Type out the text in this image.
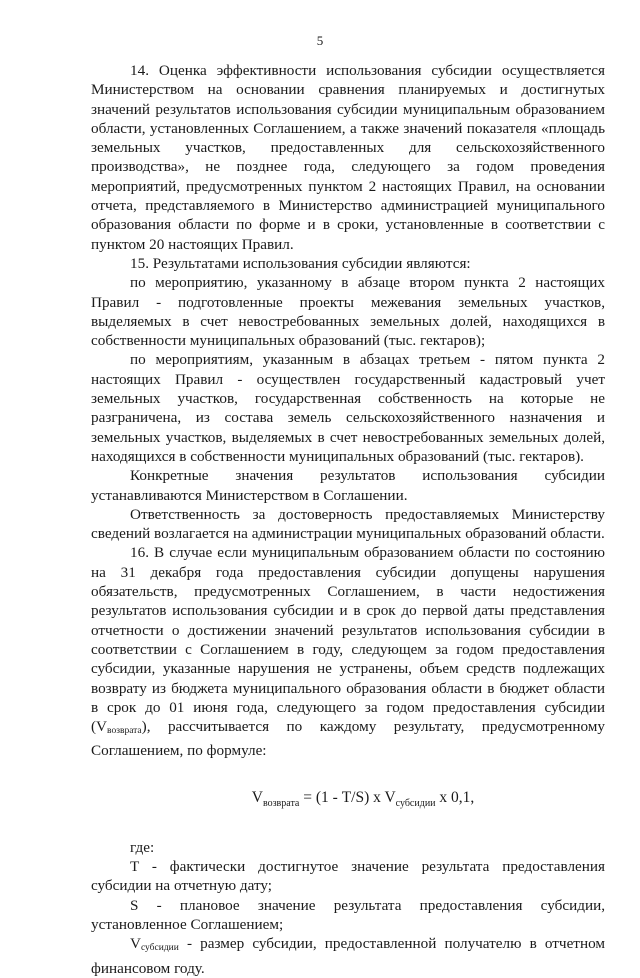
5

14. Оценка эффективности использования субсидии осуществляется Министерством на основании сравнения планируемых и достигнутых значений результатов использования субсидии муниципальным образованием области, установленных Соглашением, а также значений показателя «площадь земельных участков, предоставленных для сельскохозяйственного производства», не позднее года, следующего за годом проведения мероприятий, предусмотренных пунктом 2 настоящих Правил, на основании отчета, представляемого в Министерство администрацией муниципального образования области по форме и в сроки, установленные в соответствии с пунктом 20 настоящих Правил.

15. Результатами использования субсидии являются:

по мероприятию, указанному в абзаце втором пункта 2 настоящих Правил - подготовленные проекты межевания земельных участков, выделяемых в счет невостребованных земельных долей, находящихся в собственности муниципальных образований (тыс. гектаров);

по мероприятиям, указанным в абзацах третьем - пятом пункта 2 настоящих Правил - осуществлен государственный кадастровый учет земельных участков, государственная собственность на которые не разграничена, из состава земель сельскохозяйственного назначения и земельных участков, выделяемых в счет невостребованных земельных долей, находящихся в собственности муниципальных образований (тыс. гектаров).

Конкретные значения результатов использования субсидии устанавливаются Министерством в Соглашении.

Ответственность за достоверность предоставляемых Министерству сведений возлагается на администрации муниципальных образований области.

16. В случае если муниципальным образованием области по состоянию на 31 декабря года предоставления субсидии допущены нарушения обязательств, предусмотренных Соглашением, в части недостижения результатов использования субсидии и в срок до первой даты представления отчетности о достижении значений результатов использования субсидии в соответствии с Соглашением в году, следующем за годом предоставления субсидии, указанные нарушения не устранены, объем средств подлежащих возврату из бюджета муниципального образования области в бюджет области в срок до 01 июня года, следующего за годом предоставления субсидии $(V_{возврата})$, рассчитывается по каждому результату, предусмотренному Соглашением, по формуле:

$V_{возврата} = (1 - T/S)$ x $V_{субсидии}$ x 0,1,

где:

T - фактически достигнутое значение результата предоставления субсидии на отчетную дату;

S - плановое значение результата предоставления субсидии, установленное Соглашением;

$V_{субсидии}$ - размер субсидии, предоставленной получателю в отчетном финансовом году.
